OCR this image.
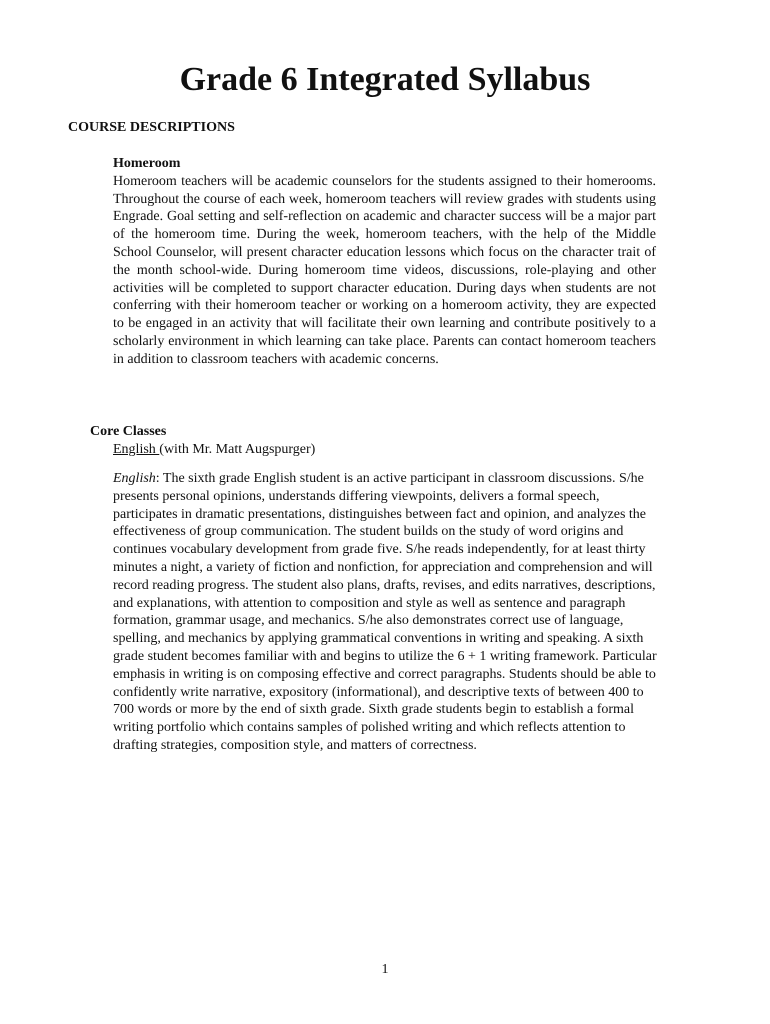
Grade 6 Integrated Syllabus
COURSE DESCRIPTIONS
Homeroom

Homeroom teachers will be academic counselors for the students assigned to their homerooms. Throughout the course of each week, homeroom teachers will review grades with students using Engrade. Goal setting and self-reflection on academic and character success will be a major part of the homeroom time. During the week, homeroom teachers, with the help of the Middle School Counselor, will present character education lessons which focus on the character trait of the month school-wide. During homeroom time videos, discussions, role-playing and other activities will be completed to support character education. During days when students are not conferring with their homeroom teacher or working on a homeroom activity, they are expected to be engaged in an activity that will facilitate their own learning and contribute positively to a scholarly environment in which learning can take place. Parents can contact homeroom teachers in addition to classroom teachers with academic concerns.

Core Classes

English (with Mr. Matt Augspurger)

English: The sixth grade English student is an active participant in classroom discussions. S/he presents personal opinions, understands differing viewpoints, delivers a formal speech, participates in dramatic presentations, distinguishes between fact and opinion, and analyzes the effectiveness of group communication. The student builds on the study of word origins and continues vocabulary development from grade five. S/he reads independently, for at least thirty minutes a night, a variety of fiction and nonfiction, for appreciation and comprehension and will record reading progress. The student also plans, drafts, revises, and edits narratives, descriptions, and explanations, with attention to composition and style as well as sentence and paragraph formation, grammar usage, and mechanics. S/he also demonstrates correct use of language, spelling, and mechanics by applying grammatical conventions in writing and speaking. A sixth grade student becomes familiar with and begins to utilize the 6 + 1 writing framework. Particular emphasis in writing is on composing effective and correct paragraphs. Students should be able to confidently write narrative, expository (informational), and descriptive texts of between 400 to 700 words or more by the end of sixth grade. Sixth grade students begin to establish a formal writing portfolio which contains samples of polished writing and which reflects attention to drafting strategies, composition style, and matters of correctness.

1
